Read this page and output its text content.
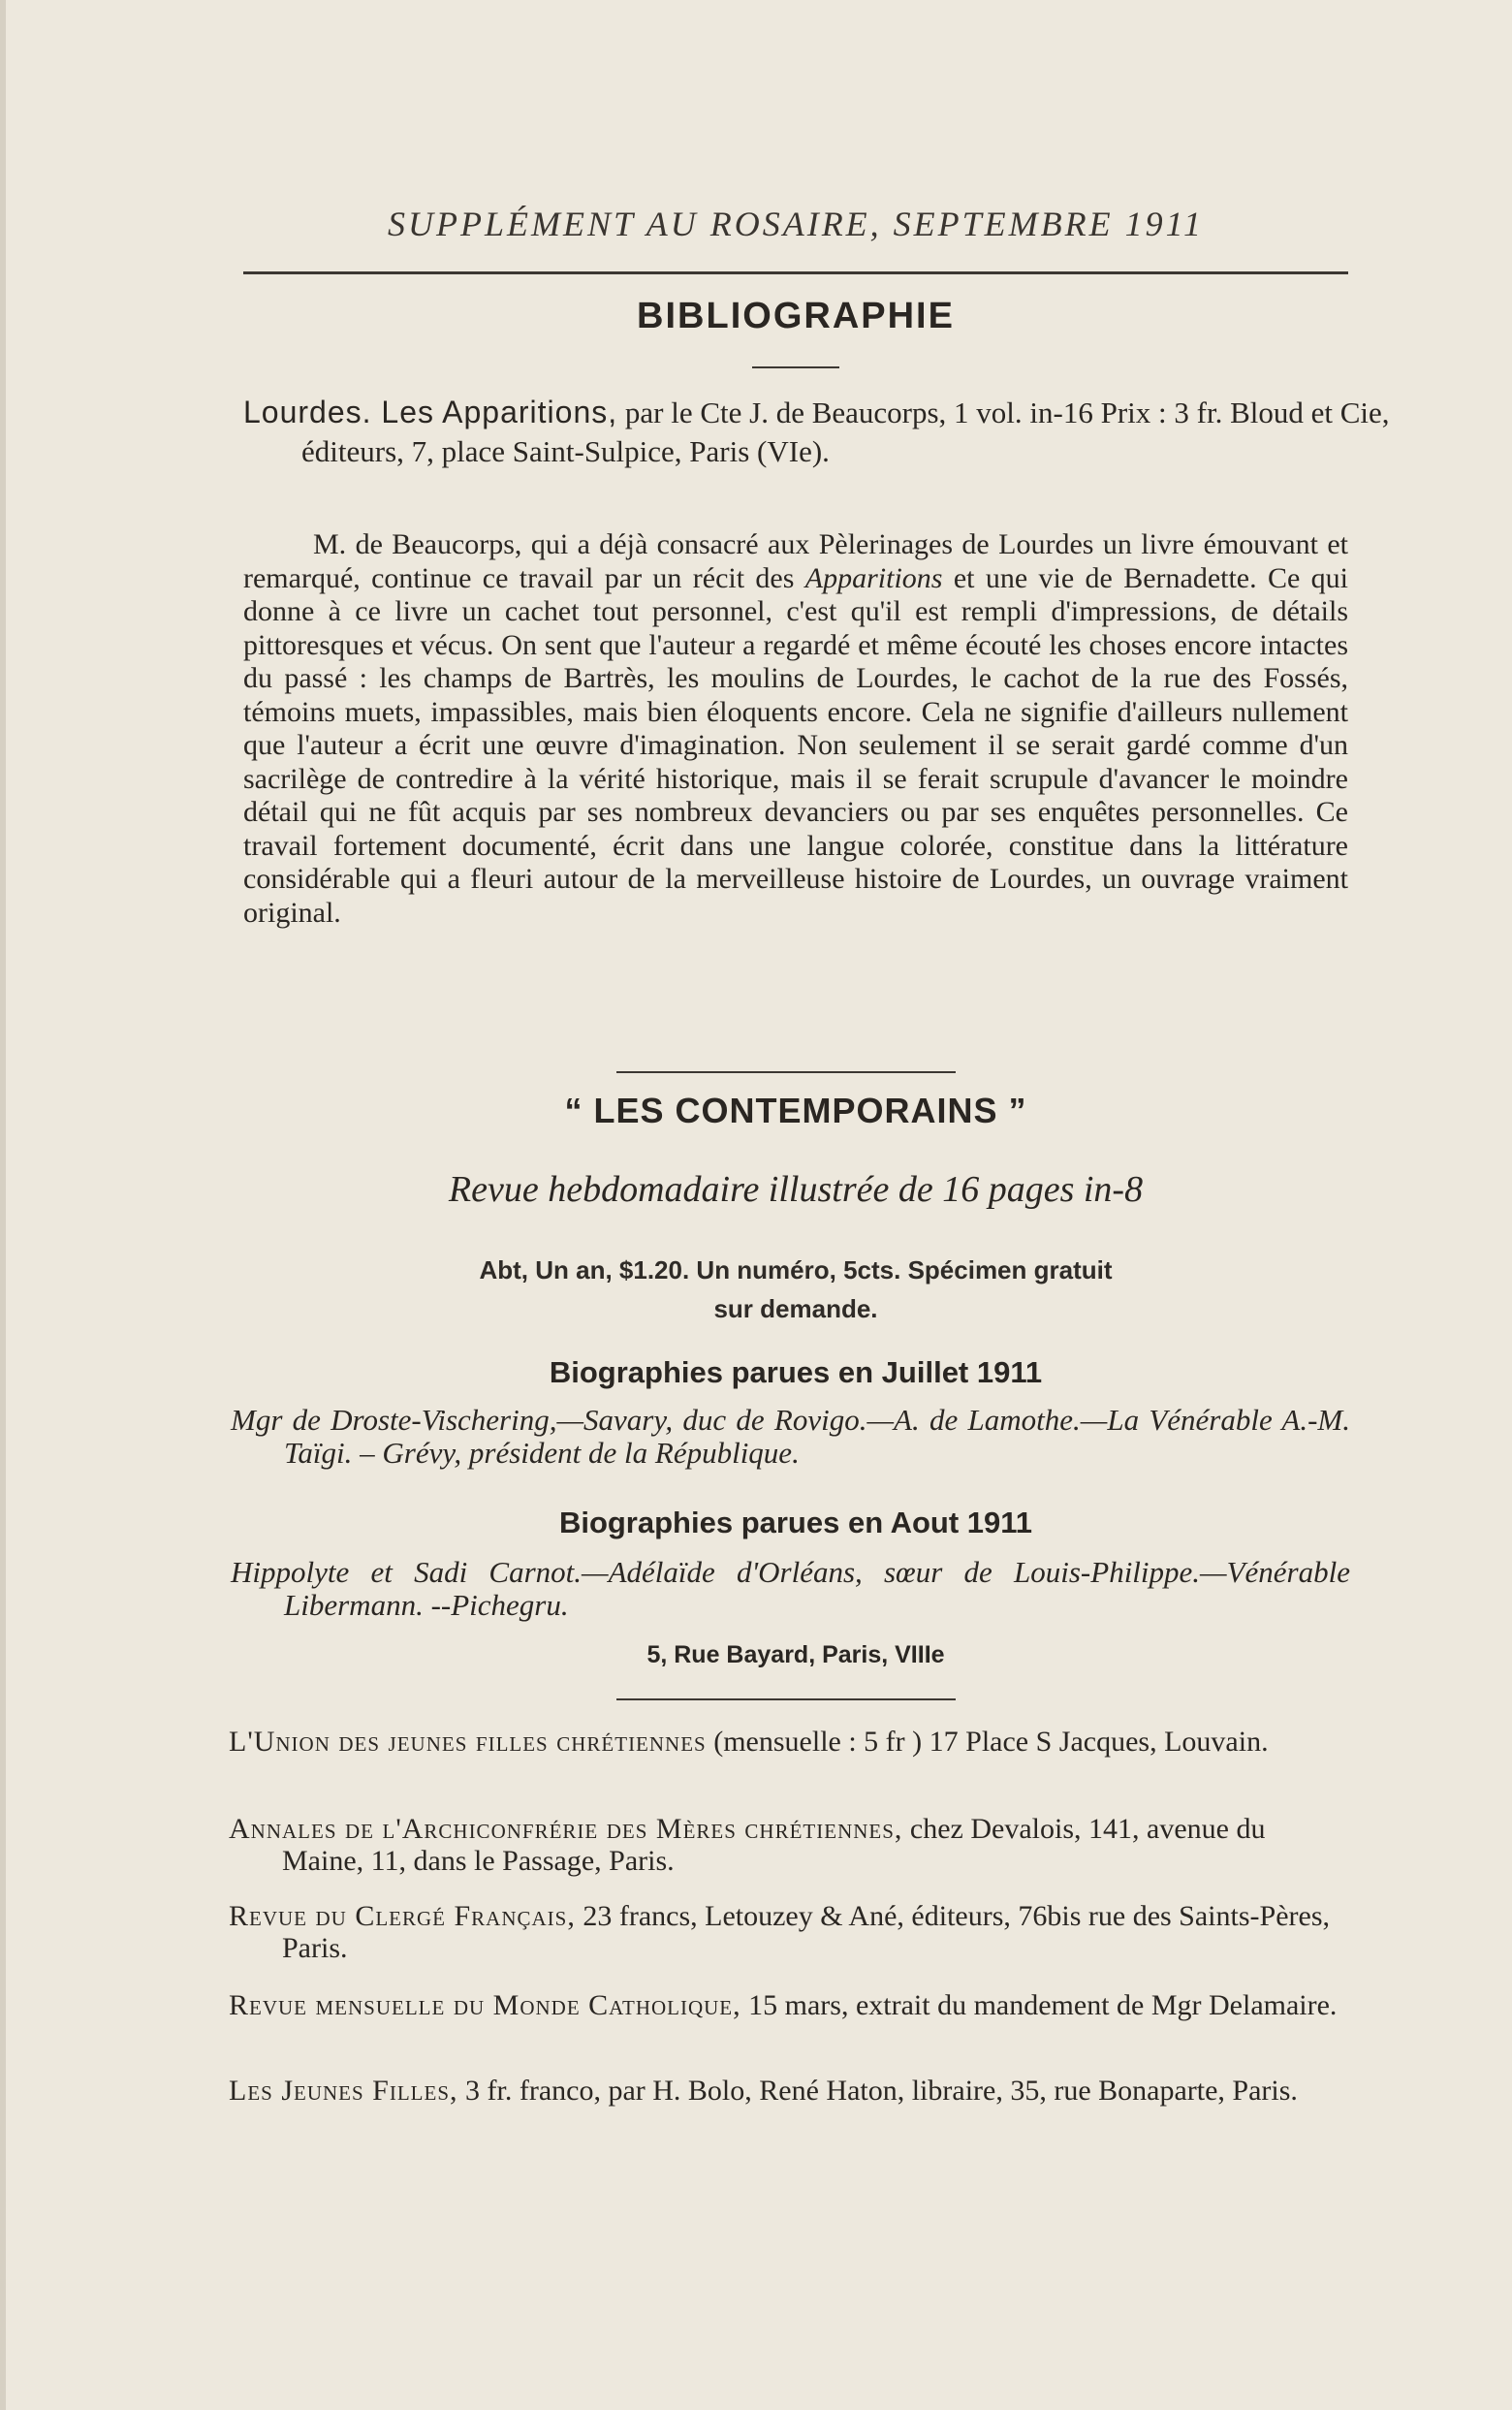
SUPPLÉMENT AU ROSAIRE, SEPTEMBRE 1911
BIBLIOGRAPHIE
Lourdes. Les Apparitions, par le Cte J. de Beaucorps, 1 vol. in-16 Prix : 3 fr. Bloud et Cie, éditeurs, 7, place Saint-Sulpice, Paris (VIe).
M. de Beaucorps, qui a déjà consacré aux Pèlerinages de Lourdes un livre émouvant et remarqué, continue ce travail par un récit des Apparitions et une vie de Bernadette. Ce qui donne à ce livre un cachet tout personnel, c'est qu'il est rempli d'impressions, de détails pittoresques et vécus. On sent que l'auteur a regardé et même écouté les choses encore intactes du passé : les champs de Bartrès, les moulins de Lourdes, le cachot de la rue des Fossés, témoins muets, impassibles, mais bien éloquents encore. Cela ne signifie d'ailleurs nullement que l'auteur a écrit une œuvre d'imagination. Non seulement il se serait gardé comme d'un sacrilège de contredire à la vérité historique, mais il se ferait scrupule d'avancer le moindre détail qui ne fût acquis par ses nombreux devanciers ou par ses enquêtes personnelles. Ce travail fortement documenté, écrit dans une langue colorée, constitue dans la littérature considérable qui a fleuri autour de la merveilleuse histoire de Lourdes, un ouvrage vraiment original.
“ LES CONTEMPORAINS ”
Revue hebdomadaire illustrée de 16 pages in-8
Abt, Un an, $1.20. Un numéro, 5cts. Spécimen gratuit
sur demande.
Biographies parues en Juillet 1911
Mgr de Droste-Vischering,—Savary, duc de Rovigo.—A. de Lamothe.—La Vénérable A.-M. Taïgi. – Grévy, président de la République.
Biographies parues en Aout 1911
Hippolyte et Sadi Carnot.—Adélaïde d'Orléans, sœur de Louis-Philippe.—Vénérable Libermann. --Pichegru.
5, Rue Bayard, Paris, VIIIe
L'Union des jeunes filles chrétiennes (mensuelle : 5 fr ) 17 Place S Jacques, Louvain.
Annales de l'Archiconfrérie des Mères chrétiennes, chez Devalois, 141, avenue du Maine, 11, dans le Passage, Paris.
Revue du Clergé Français, 23 francs, Letouzey & Ané, éditeurs, 76bis rue des Saints-Pères, Paris.
Revue mensuelle du Monde Catholique, 15 mars, extrait du mandement de Mgr Delamaire.
Les Jeunes Filles, 3 fr. franco, par H. Bolo, René Haton, libraire, 35, rue Bonaparte, Paris.
